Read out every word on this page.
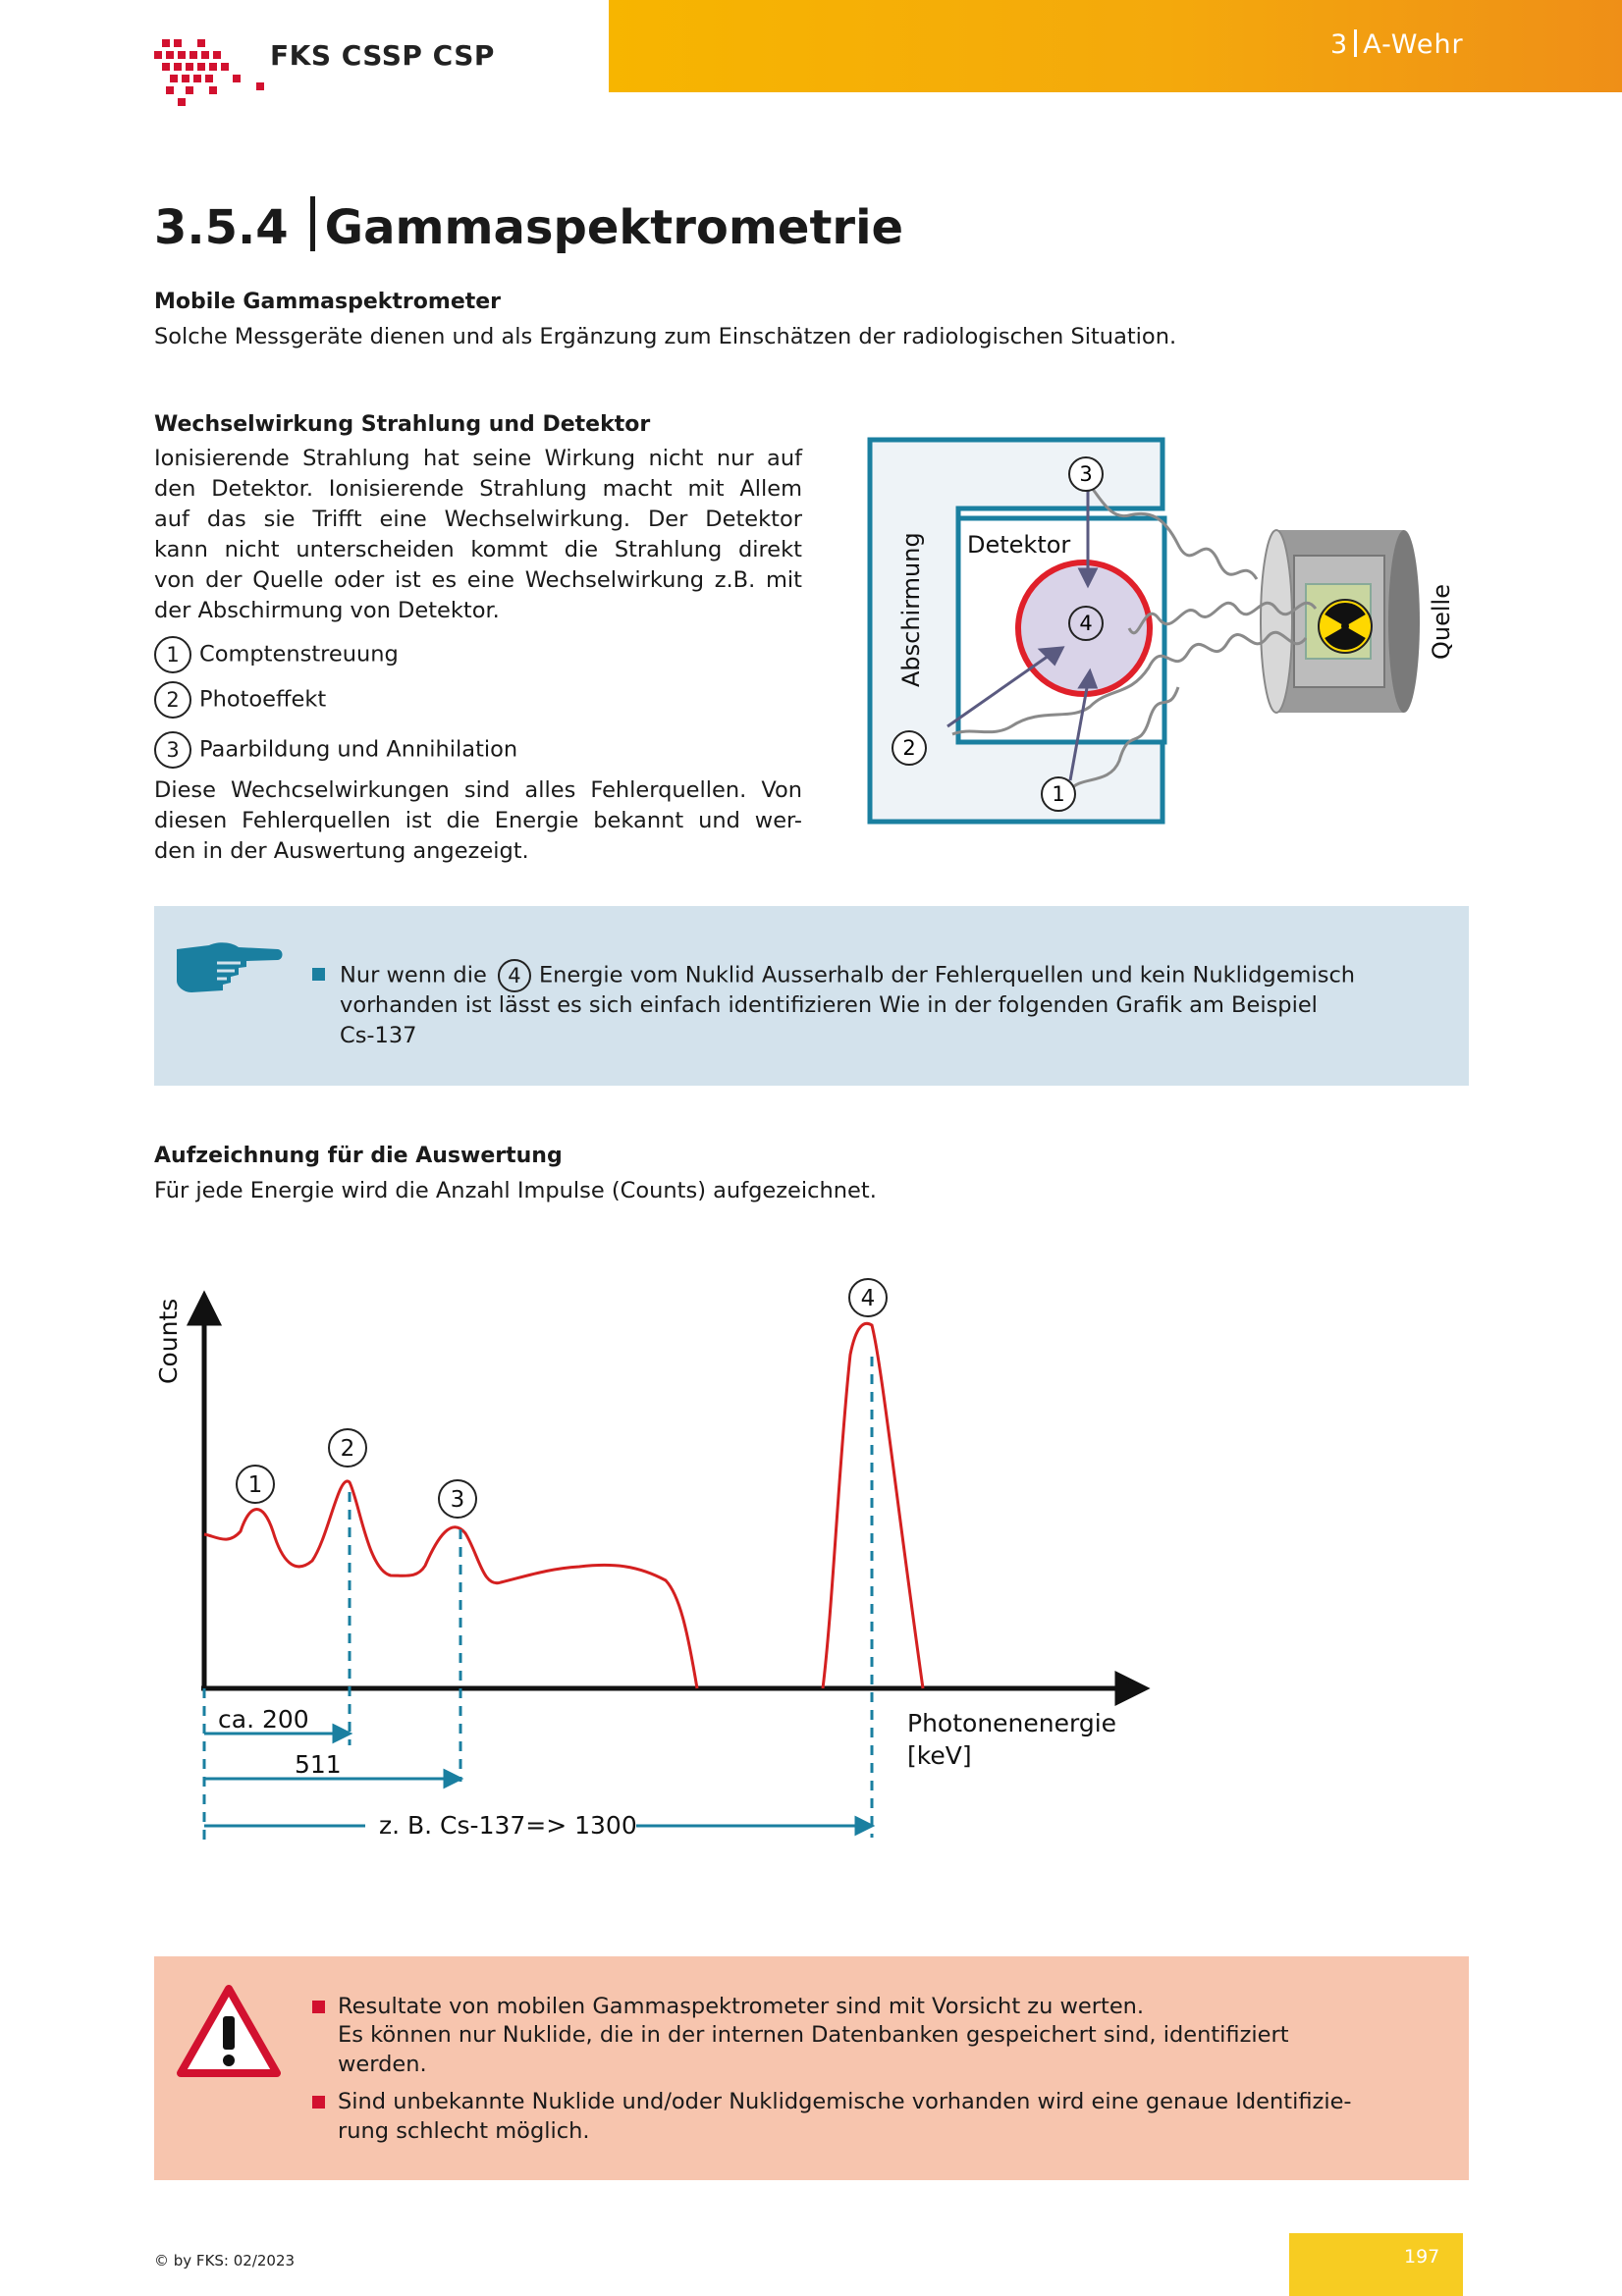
3 A-Wehr
FKS CSSP CSP
3.5.4 Gammaspektrometrie
Mobile Gammaspektrometer
Solche Messgeräte dienen und als Ergänzung zum Einschätzen der radiologischen Situation.
Wechselwirkung Strahlung und Detektor
Ionisierende Strahlung hat seine Wirkung nicht nur auf
den Detektor. Ionisierende Strahlung macht mit Allem
auf das sie Trifft eine Wechselwirkung. Der Detektor
kann nicht unterscheiden kommt die Strahlung direkt
von der Quelle oder ist es eine Wechselwirkung z.B. mit
der Abschirmung von Detektor.
1 Comptenstreuung
2 Photoeffekt
3 Paarbildung und Annihilation
Diese Wechcselwirkungen sind alles Fehlerquellen. Von
diesen Fehlerquellen ist die Energie bekannt und wer-
den in der Auswertung angezeigt.
3
4
2
1
Detektor
Abschirmung	Quelle
Nur wenn die 4 Energie vom Nuklid Ausserhalb der Fehlerquellen und kein Nuklidgemisch
vorhanden ist lässt es sich einfach identifizieren Wie in der folgenden Grafik am Beispiel
Cs-137
Aufzeichnung für die Auswertung
Für jede Energie wird die Anzahl Impulse (Counts) aufgezeichnet.
ca. 200
511
z. B. Cs-137=> 1300
Photonenenergie
[keV]
Counts
1
2
3
4
Resultate von mobilen Gammaspektrometer sind mit Vorsicht zu werten.
Es können nur Nuklide, die in der internen Datenbanken gespeichert sind, identifiziert
werden.
Sind unbekannte Nuklide und/oder Nuklidgemische vorhanden wird eine genaue Identifizie-
rung schlecht möglich.
© by FKS: 02/2023	197
